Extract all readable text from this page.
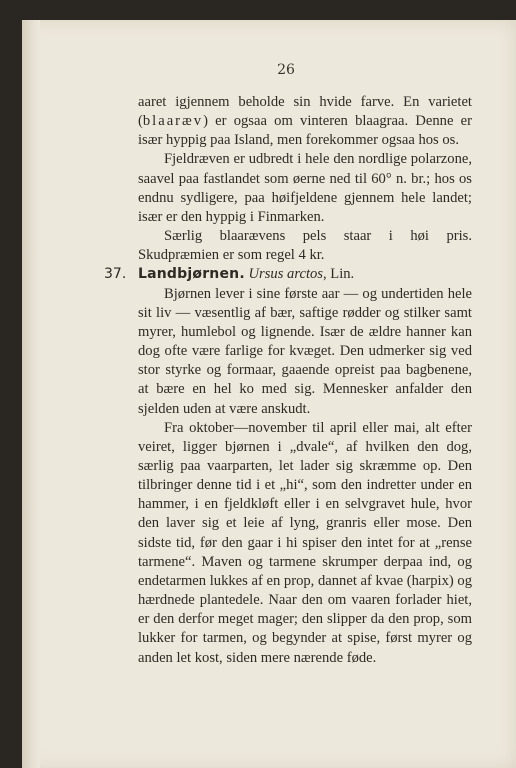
26

aaret igjennem beholde sin hvide farve. En varietet (blaaræv) er ogsaa om vinteren blaagraa. Denne er især hyppig paa Island, men forekommer ogsaa hos os.

Fjeldræven er udbredt i hele den nordlige polarzone, saavel paa fastlandet som øerne ned til 60° n. br.; hos os endnu sydligere, paa høifjeldene gjennem hele landet; især er den hyppig i Finmarken.

Særlig blaarævens pels staar i høi pris. Skudpræmien er som regel 4 kr.

37. Landbjørnen. Ursus arctos, Lin.

Bjørnen lever i sine første aar — og undertiden hele sit liv — væsentlig af bær, saftige rødder og stilker samt myrer, humlebol og lignende. Især de ældre hanner kan dog ofte være farlige for kvæget. Den udmerker sig ved stor styrke og formaar, gaaende opreist paa bagbenene, at bære en hel ko med sig. Mennesker anfalder den sjelden uden at være anskudt.

Fra oktober—november til april eller mai, alt efter veiret, ligger bjørnen i „dvale“, af hvilken den dog, særlig paa vaarparten, let lader sig skræmme op. Den tilbringer denne tid i et „hi“, som den indretter under en hammer, i en fjeldkløft eller i en selvgravet hule, hvor den laver sig et leie af lyng, granris eller mose. Den sidste tid, før den gaar i hi spiser den intet for at „rense tarmene“. Maven og tarmene skrumper derpaa ind, og endetarmen lukkes af en prop, dannet af kvae (harpix) og hærdnede plantedele. Naar den om vaaren forlader hiet, er den derfor meget mager; den slipper da den prop, som lukker for tarmen, og begynder at spise, først myrer og anden let kost, siden mere nærende føde.
